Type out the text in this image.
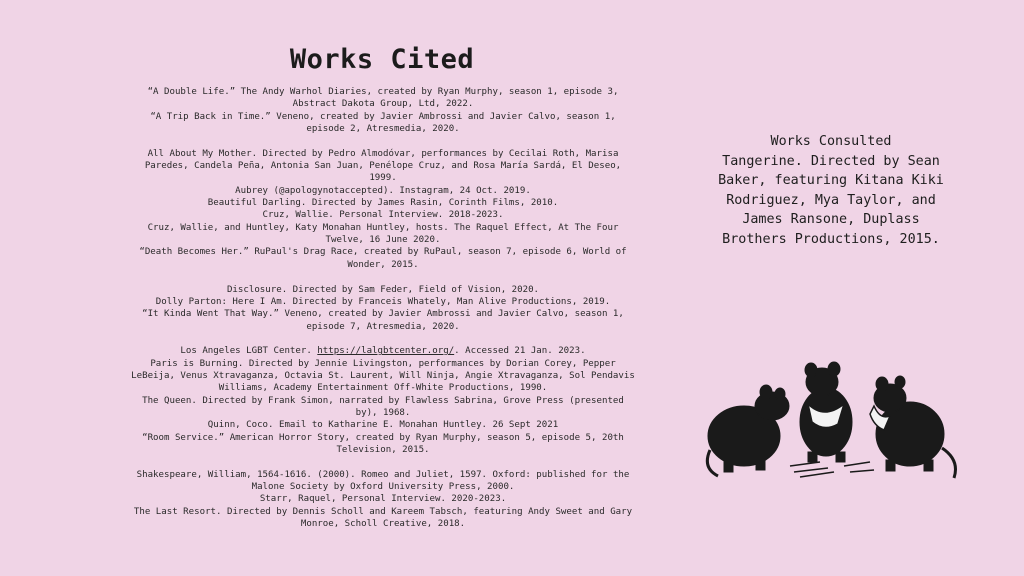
Works Cited

“A Double Life.” The Andy Warhol Diaries, created by Ryan Murphy, season 1, episode 3, Abstract Dakota Group, Ltd, 2022.

“A Trip Back in Time.” Veneno, created by Javier Ambrossi and Javier Calvo, season 1, episode 2, Atresmedia, 2020.

All About My Mother. Directed by Pedro Almodóvar, performances by Cecilai Roth, Marisa Paredes, Candela Peña, Antonia San Juan, Penélope Cruz, and Rosa María Sardá, El Deseo, 1999.

Aubrey (@apologynotaccepted). Instagram, 24 Oct. 2019.

Beautiful Darling. Directed by James Rasin, Corinth Films, 2010.

Cruz, Wallie. Personal Interview. 2018-2023.

Cruz, Wallie, and Huntley, Katy Monahan Huntley, hosts. The Raquel Effect, At The Four Twelve, 16 June 2020.

“Death Becomes Her.” RuPaul's Drag Race, created by RuPaul, season 7, episode 6, World of Wonder, 2015.

Disclosure. Directed by Sam Feder, Field of Vision, 2020.

Dolly Parton: Here I Am. Directed by Franceis Whately, Man Alive Productions, 2019.

“It Kinda Went That Way.” Veneno, created by Javier Ambrossi and Javier Calvo, season 1, episode 7, Atresmedia, 2020.

Los Angeles LGBT Center. https://lalgbtcenter.org/. Accessed 21 Jan. 2023.

Paris is Burning. Directed by Jennie Livingston, performances by Dorian Corey, Pepper LeBeija, Venus Xtravaganza, Octavia St. Laurent, Will Ninja, Angie Xtravaganza, Sol Pendavis Williams, Academy Entertainment Off-White Productions, 1990.

The Queen. Directed by Frank Simon, narrated by Flawless Sabrina, Grove Press (presented by), 1968.

Quinn, Coco. Email to Katharine E. Monahan Huntley. 26 Sept 2021

“Room Service.” American Horror Story, created by Ryan Murphy, season 5, episode 5, 20th Television, 2015.

Shakespeare, William, 1564-1616. (2000). Romeo and Juliet, 1597. Oxford: published for the Malone Society by Oxford University Press, 2000.

Starr, Raquel, Personal Interview. 2020-2023.

The Last Resort. Directed by Dennis Scholl and Kareem Tabsch, featuring Andy Sweet and Gary Monroe, Scholl Creative, 2018.

Works Consulted
Tangerine. Directed by Sean Baker, featuring Kitana Kiki Rodriguez, Mya Taylor, and James Ransone, Duplass Brothers Productions, 2015.
